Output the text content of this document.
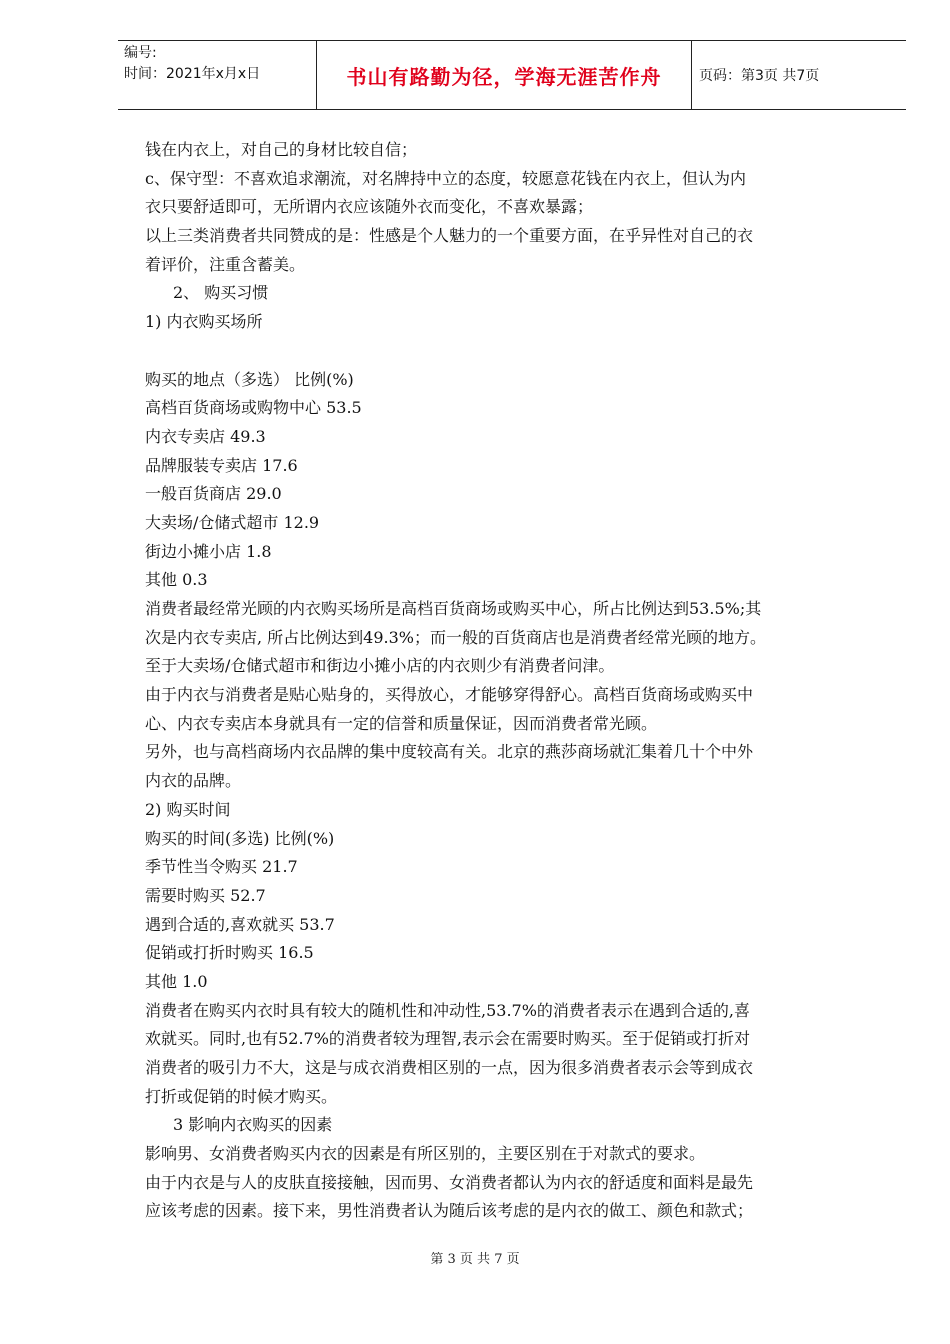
编号:
时间：2021年x月x日	书山有路勤为径，学海无涯苦作舟	页码：第3页 共7页
钱在内衣上，对自己的身材比较自信；
c、保守型：不喜欢追求潮流，对名牌持中立的态度，较愿意花钱在内衣上，但认为内
衣只要舒适即可，无所谓内衣应该随外衣而变化，不喜欢暴露；
以上三类消费者共同赞成的是：性感是个人魅力的一个重要方面，在乎异性对自己的衣
着评价，注重含蓄美。
2、 购买习惯
1) 内衣购买场所
购买的地点（多选） 比例(%)
高档百货商场或购物中心 53.5
内衣专卖店 49.3
品牌服装专卖店 17.6
一般百货商店 29.0
大卖场/仓储式超市 12.9
街边小摊小店 1.8
其他 0.3
消费者最经常光顾的内衣购买场所是高档百货商场或购买中心，所占比例达到53.5%;其
次是内衣专卖店, 所占比例达到49.3%；而一般的百货商店也是消费者经常光顾的地方。
至于大卖场/仓储式超市和街边小摊小店的内衣则少有消费者问津。
由于内衣与消费者是贴心贴身的，买得放心，才能够穿得舒心。高档百货商场或购买中
心、内衣专卖店本身就具有一定的信誉和质量保证，因而消费者常光顾。
另外，也与高档商场内衣品牌的集中度较高有关。北京的燕莎商场就汇集着几十个中外
内衣的品牌。
2) 购买时间
购买的时间(多选) 比例(%)
季节性当令购买 21.7
需要时购买 52.7
遇到合适的,喜欢就买 53.7
促销或打折时购买 16.5
其他 1.0
消费者在购买内衣时具有较大的随机性和冲动性,53.7%的消费者表示在遇到合适的,喜
欢就买。同时,也有52.7%的消费者较为理智,表示会在需要时购买。至于促销或打折对
消费者的吸引力不大，这是与成衣消费相区别的一点，因为很多消费者表示会等到成衣
打折或促销的时候才购买。
3 影响内衣购买的因素
影响男、女消费者购买内衣的因素是有所区别的，主要区别在于对款式的要求。
由于内衣是与人的皮肤直接接触，因而男、女消费者都认为内衣的舒适度和面料是最先
应该考虑的因素。接下来，男性消费者认为随后该考虑的是内衣的做工、颜色和款式；
第 3 页 共 7 页
